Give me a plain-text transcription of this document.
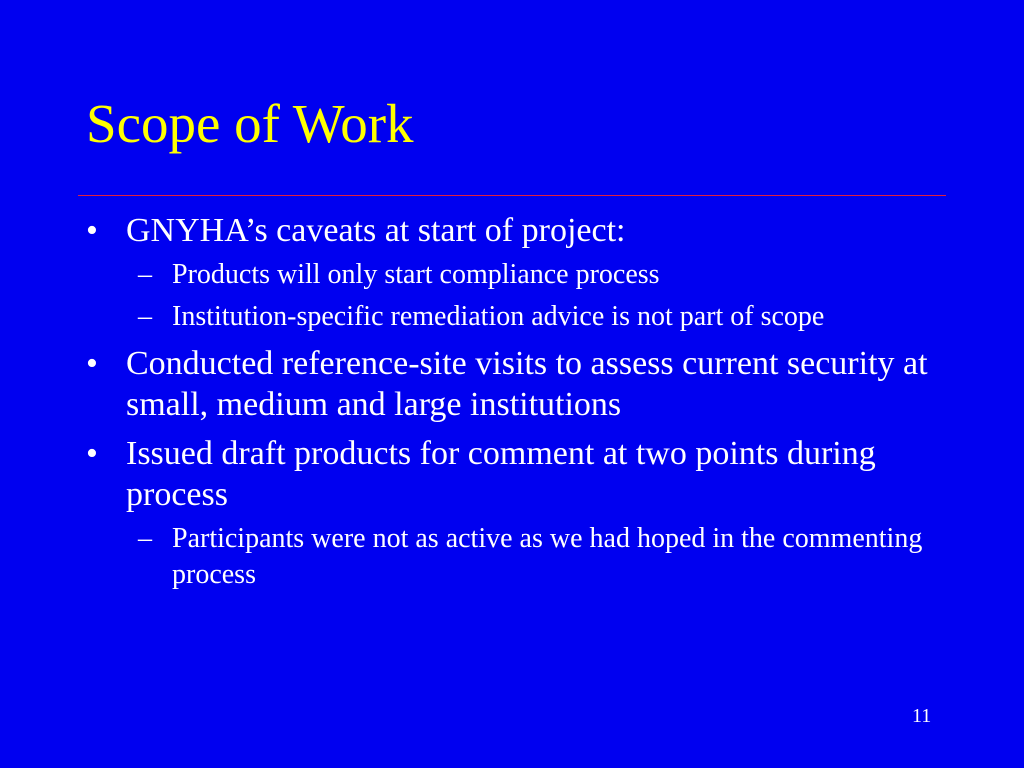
Scope of Work
• GNYHA’s caveats at start of project:
– Products will only start compliance process
– Institution-specific remediation advice is not part of scope
• Conducted reference-site visits to assess current security at small, medium and large institutions
• Issued draft products for comment at two points during process
– Participants were not as active as we had hoped in the commenting process
11
